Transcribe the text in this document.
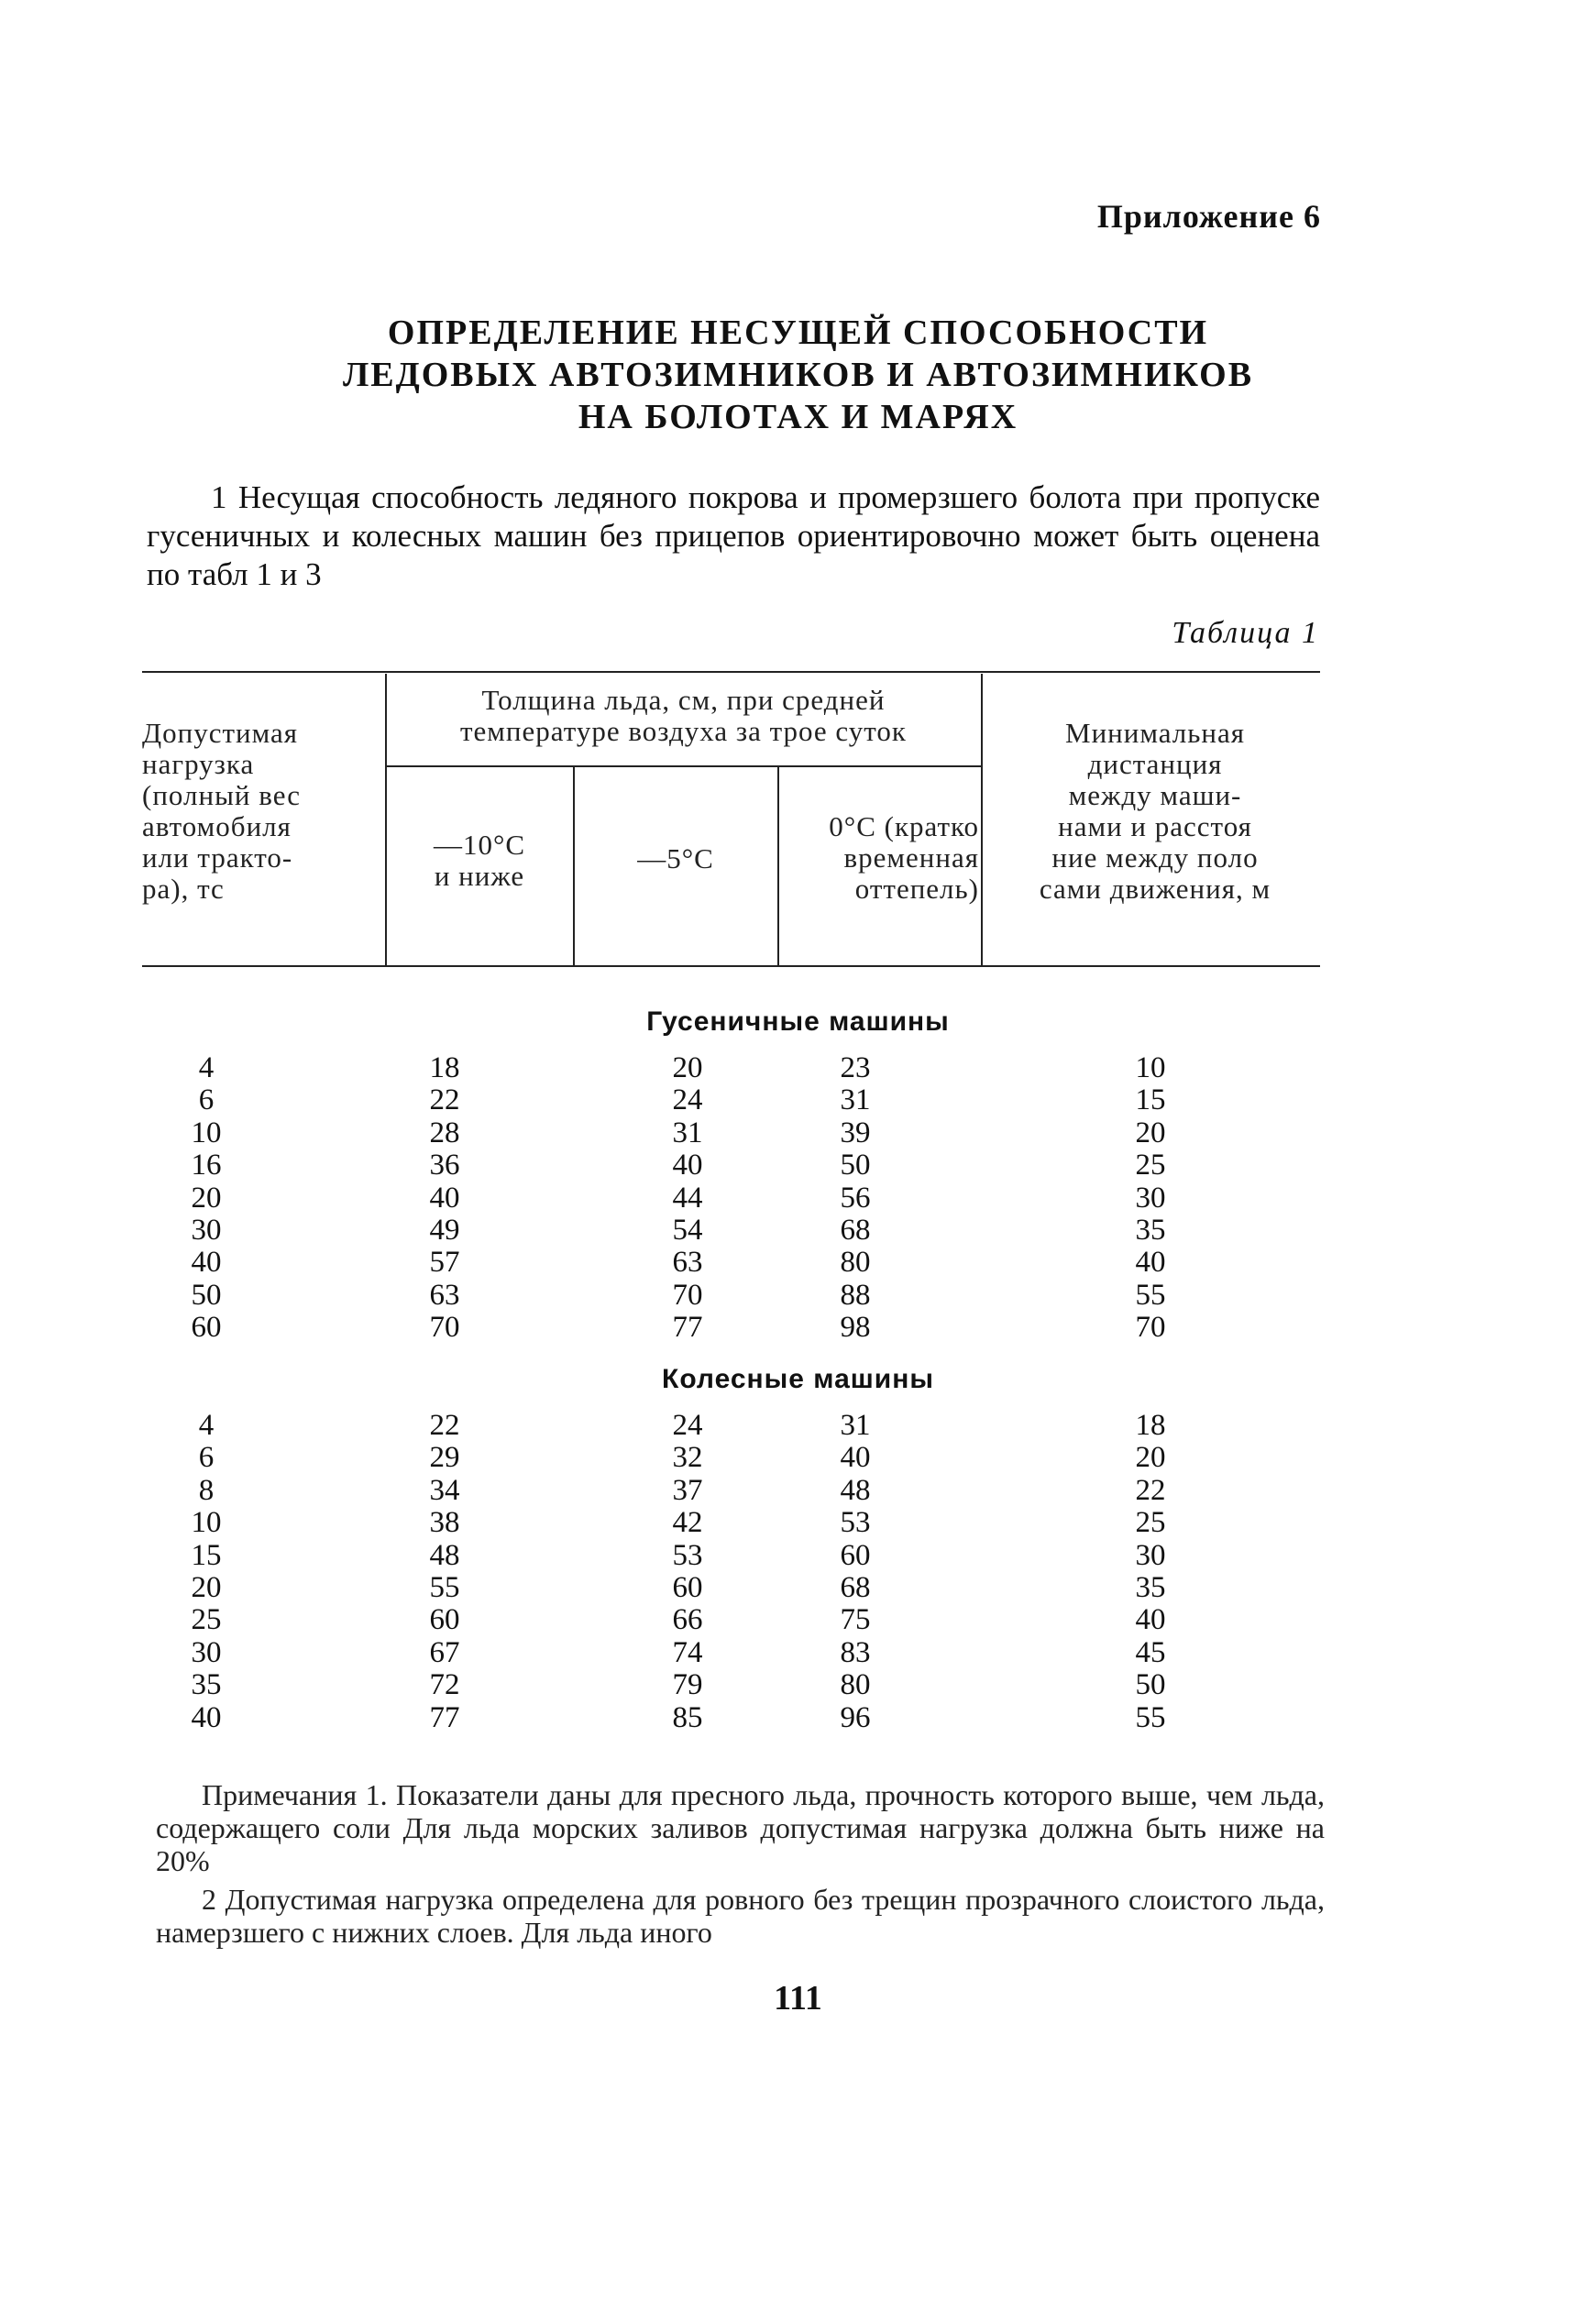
Приложение 6
ОПРЕДЕЛЕНИЕ НЕСУЩЕЙ СПОСОБНОСТИ
ЛЕДОВЫХ АВТОЗИМНИКОВ И АВТОЗИМНИКОВ
НА БОЛОТАХ И МАРЯХ
1 Несущая способность ледяного покрова и промерзшего болота при пропуске гусеничных и колесных машин без прицепов ориентировочно может быть оценена по табл 1 и 3
Таблица 1
Допустимая
нагрузка
(полный вес
автомобиля
или тракто-
ра), тс
Толщина льда, см, при средней
температуре воздуха за трое суток
—10°С
и ниже
—5°С
0°С (кратко
временная
оттепель)
Минимальная
дистанция
между маши-
нами и расстоя
ние между поло
сами движения, м
Гусеничные машины
4	18	20	23	10
6	22	24	31	15
10	28	31	39	20
16	36	40	50	25
20	40	44	56	30
30	49	54	68	35
40	57	63	80	40
50	63	70	88	55
60	70	77	98	70
Колесные машины
4	22	24	31	18
6	29	32	40	20
8	34	37	48	22
10	38	42	53	25
15	48	53	60	30
20	55	60	68	35
25	60	66	75	40
30	67	74	83	45
35	72	79	80	50
40	77	85	96	55

Примечания 1. Показатели даны для пресного льда, прочность которого выше, чем льда, содержащего соли Для льда морских заливов допустимая нагрузка должна быть ниже на 20%

2 Допустимая нагрузка определена для ровного без трещин прозрачного слоистого льда, намерзшего с нижних слоев. Для льда иного

111
